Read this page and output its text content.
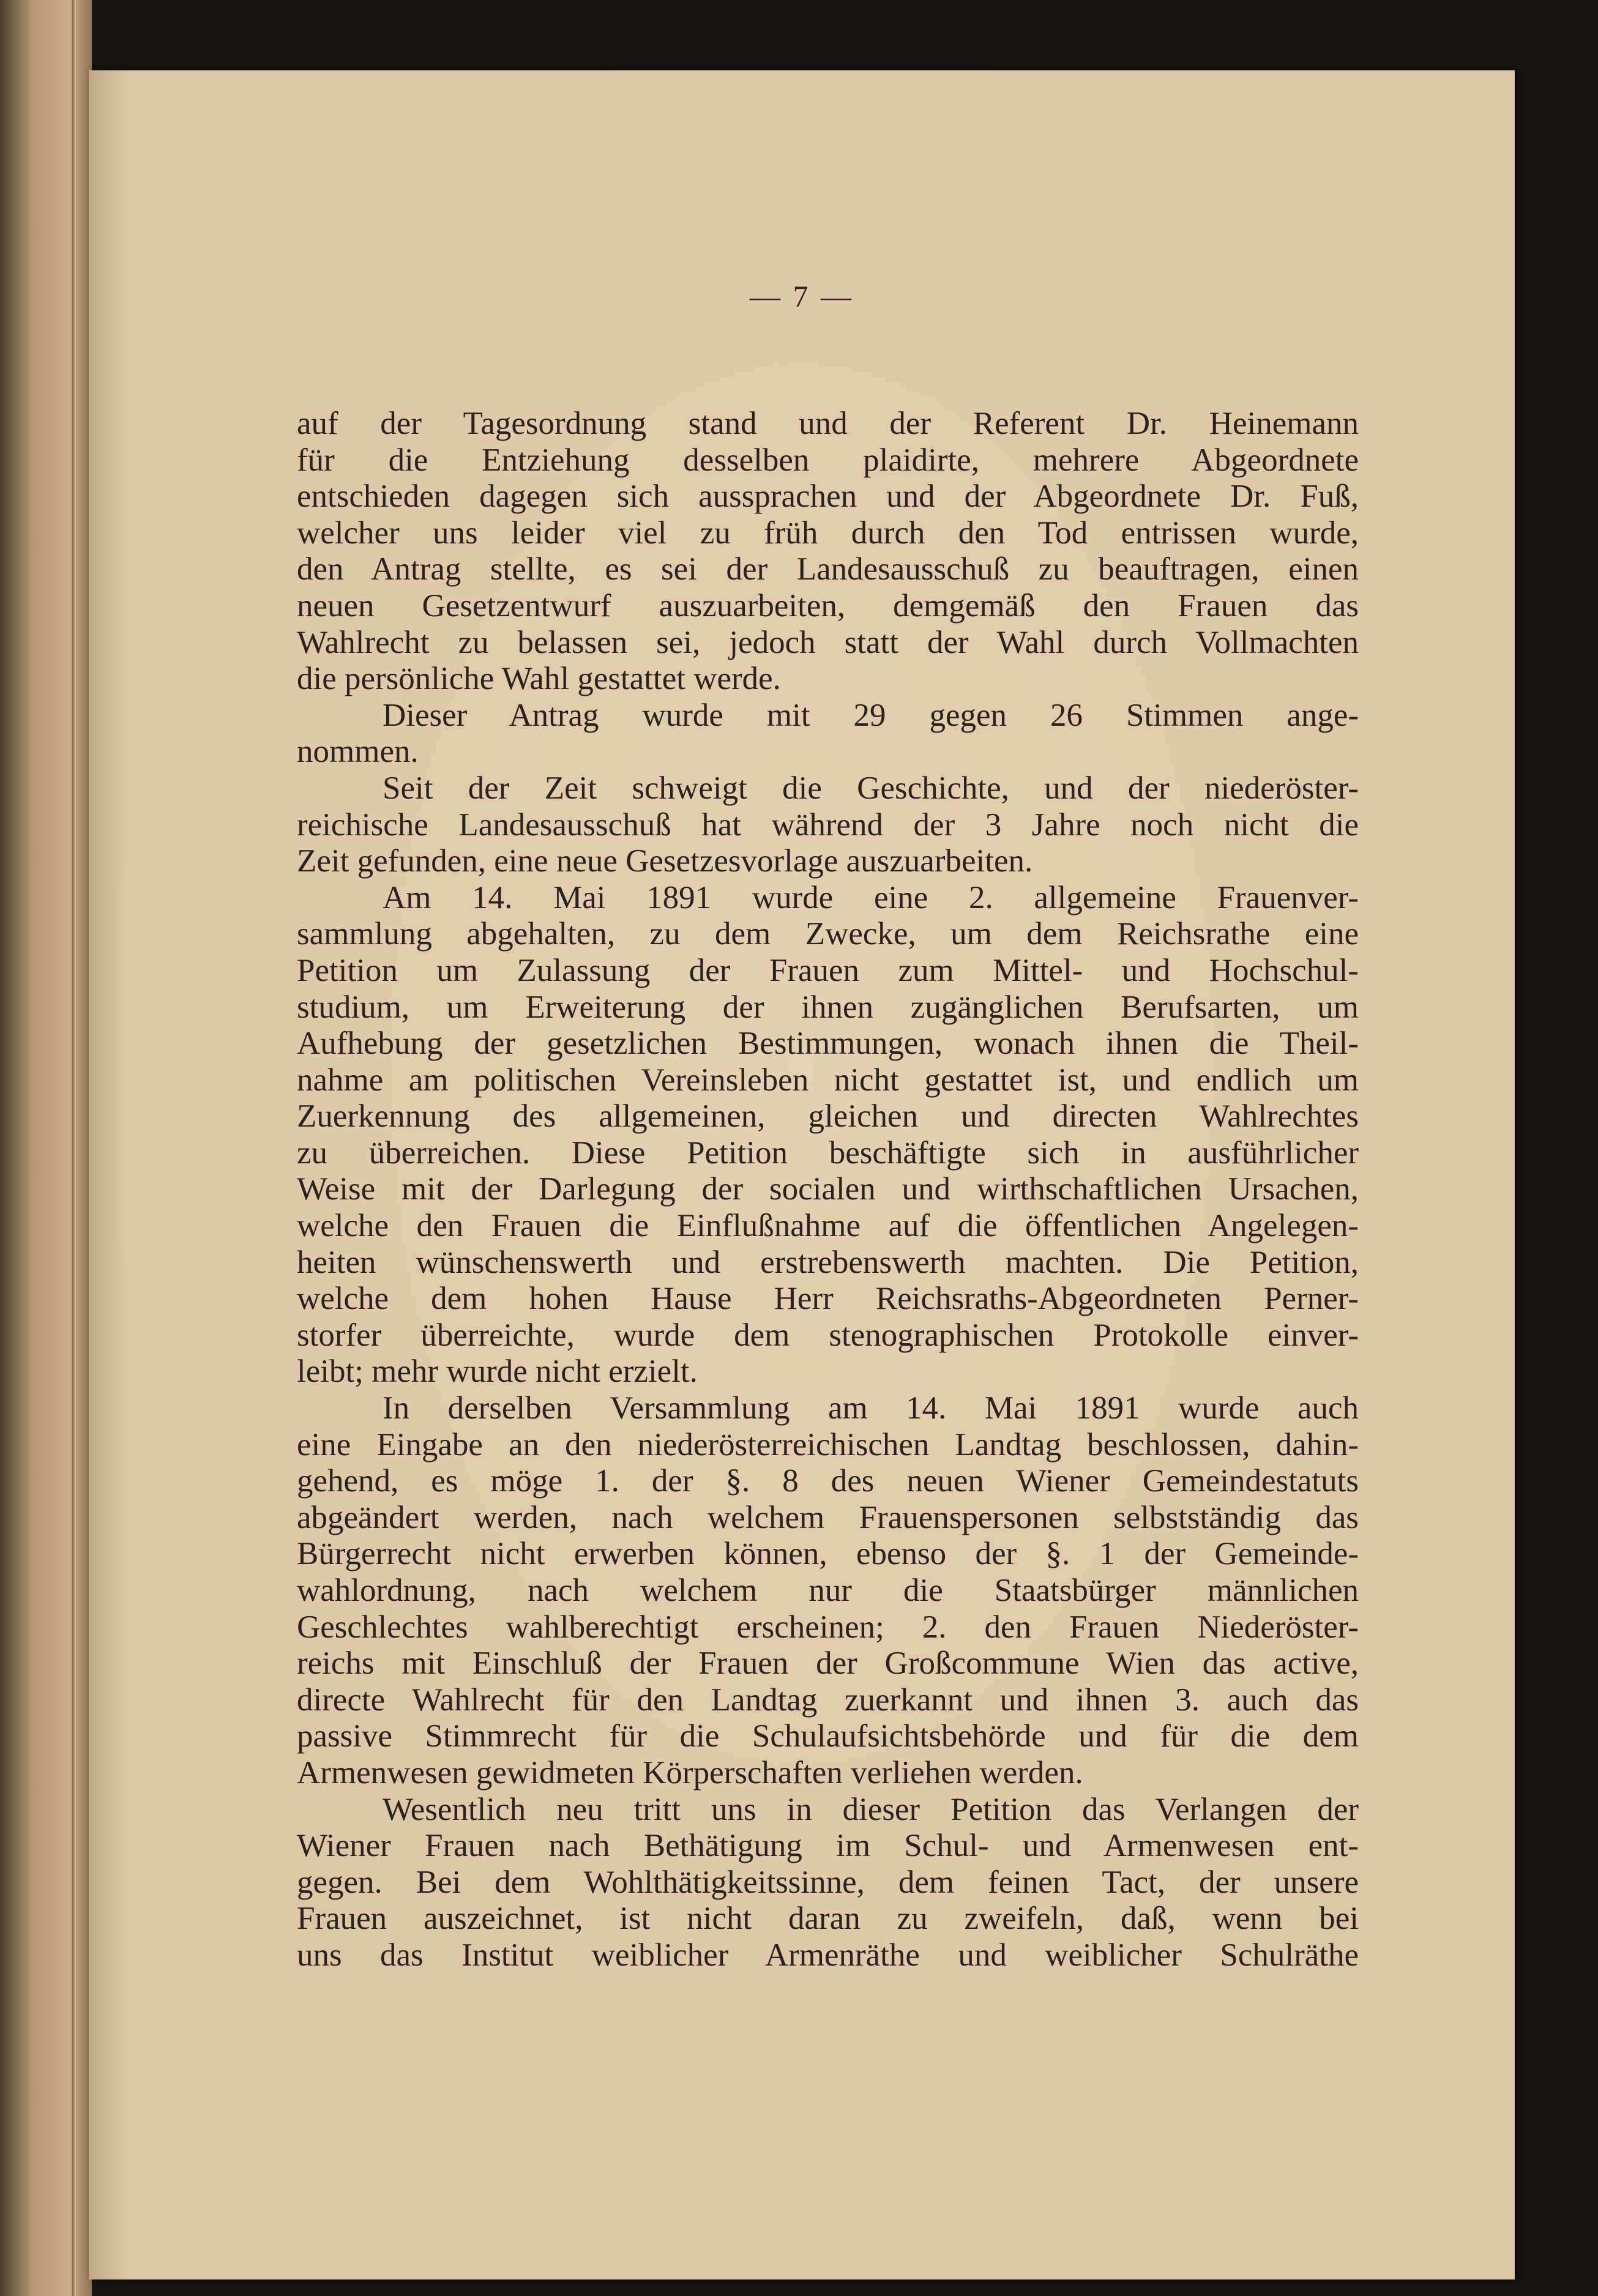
— 7 —
auf der Tagesordnung stand und der Referent Dr. Heinemann
für die Entziehung desselben plaidirte, mehrere Abgeordnete
entschieden dagegen sich aussprachen und der Abgeordnete Dr. Fuß,
welcher uns leider viel zu früh durch den Tod entrissen wurde,
den Antrag stellte, es sei der Landesausschuß zu beauftragen, einen
neuen Gesetzentwurf auszuarbeiten, demgemäß den Frauen das
Wahlrecht zu belassen sei, jedoch statt der Wahl durch Vollmachten
die persönliche Wahl gestattet werde.
Dieser Antrag wurde mit 29 gegen 26 Stimmen ange-
nommen.
Seit der Zeit schweigt die Geschichte, und der niederöster-
reichische Landesausschuß hat während der 3 Jahre noch nicht die
Zeit gefunden, eine neue Gesetzesvorlage auszuarbeiten.
Am 14. Mai 1891 wurde eine 2. allgemeine Frauenver-
sammlung abgehalten, zu dem Zwecke, um dem Reichsrathe eine
Petition um Zulassung der Frauen zum Mittel- und Hochschul-
studium, um Erweiterung der ihnen zugänglichen Berufsarten, um
Aufhebung der gesetzlichen Bestimmungen, wonach ihnen die Theil-
nahme am politischen Vereinsleben nicht gestattet ist, und endlich um
Zuerkennung des allgemeinen, gleichen und directen Wahlrechtes
zu überreichen. Diese Petition beschäftigte sich in ausführlicher
Weise mit der Darlegung der socialen und wirthschaftlichen Ursachen,
welche den Frauen die Einflußnahme auf die öffentlichen Angelegen-
heiten wünschenswerth und erstrebenswerth machten. Die Petition,
welche dem hohen Hause Herr Reichsraths-Abgeordneten Perner-
storfer überreichte, wurde dem stenographischen Protokolle einver-
leibt; mehr wurde nicht erzielt.
In derselben Versammlung am 14. Mai 1891 wurde auch
eine Eingabe an den niederösterreichischen Landtag beschlossen, dahin-
gehend, es möge 1. der §. 8 des neuen Wiener Gemeindestatuts
abgeändert werden, nach welchem Frauenspersonen selbstständig das
Bürgerrecht nicht erwerben können, ebenso der §. 1 der Gemeinde-
wahlordnung, nach welchem nur die Staatsbürger männlichen
Geschlechtes wahlberechtigt erscheinen; 2. den Frauen Niederöster-
reichs mit Einschluß der Frauen der Großcommune Wien das active,
directe Wahlrecht für den Landtag zuerkannt und ihnen 3. auch das
passive Stimmrecht für die Schulaufsichtsbehörde und für die dem
Armenwesen gewidmeten Körperschaften verliehen werden.
Wesentlich neu tritt uns in dieser Petition das Verlangen der
Wiener Frauen nach Bethätigung im Schul- und Armenwesen ent-
gegen. Bei dem Wohlthätigkeitssinne, dem feinen Tact, der unsere
Frauen auszeichnet, ist nicht daran zu zweifeln, daß, wenn bei
uns das Institut weiblicher Armenräthe und weiblicher Schulräthe
